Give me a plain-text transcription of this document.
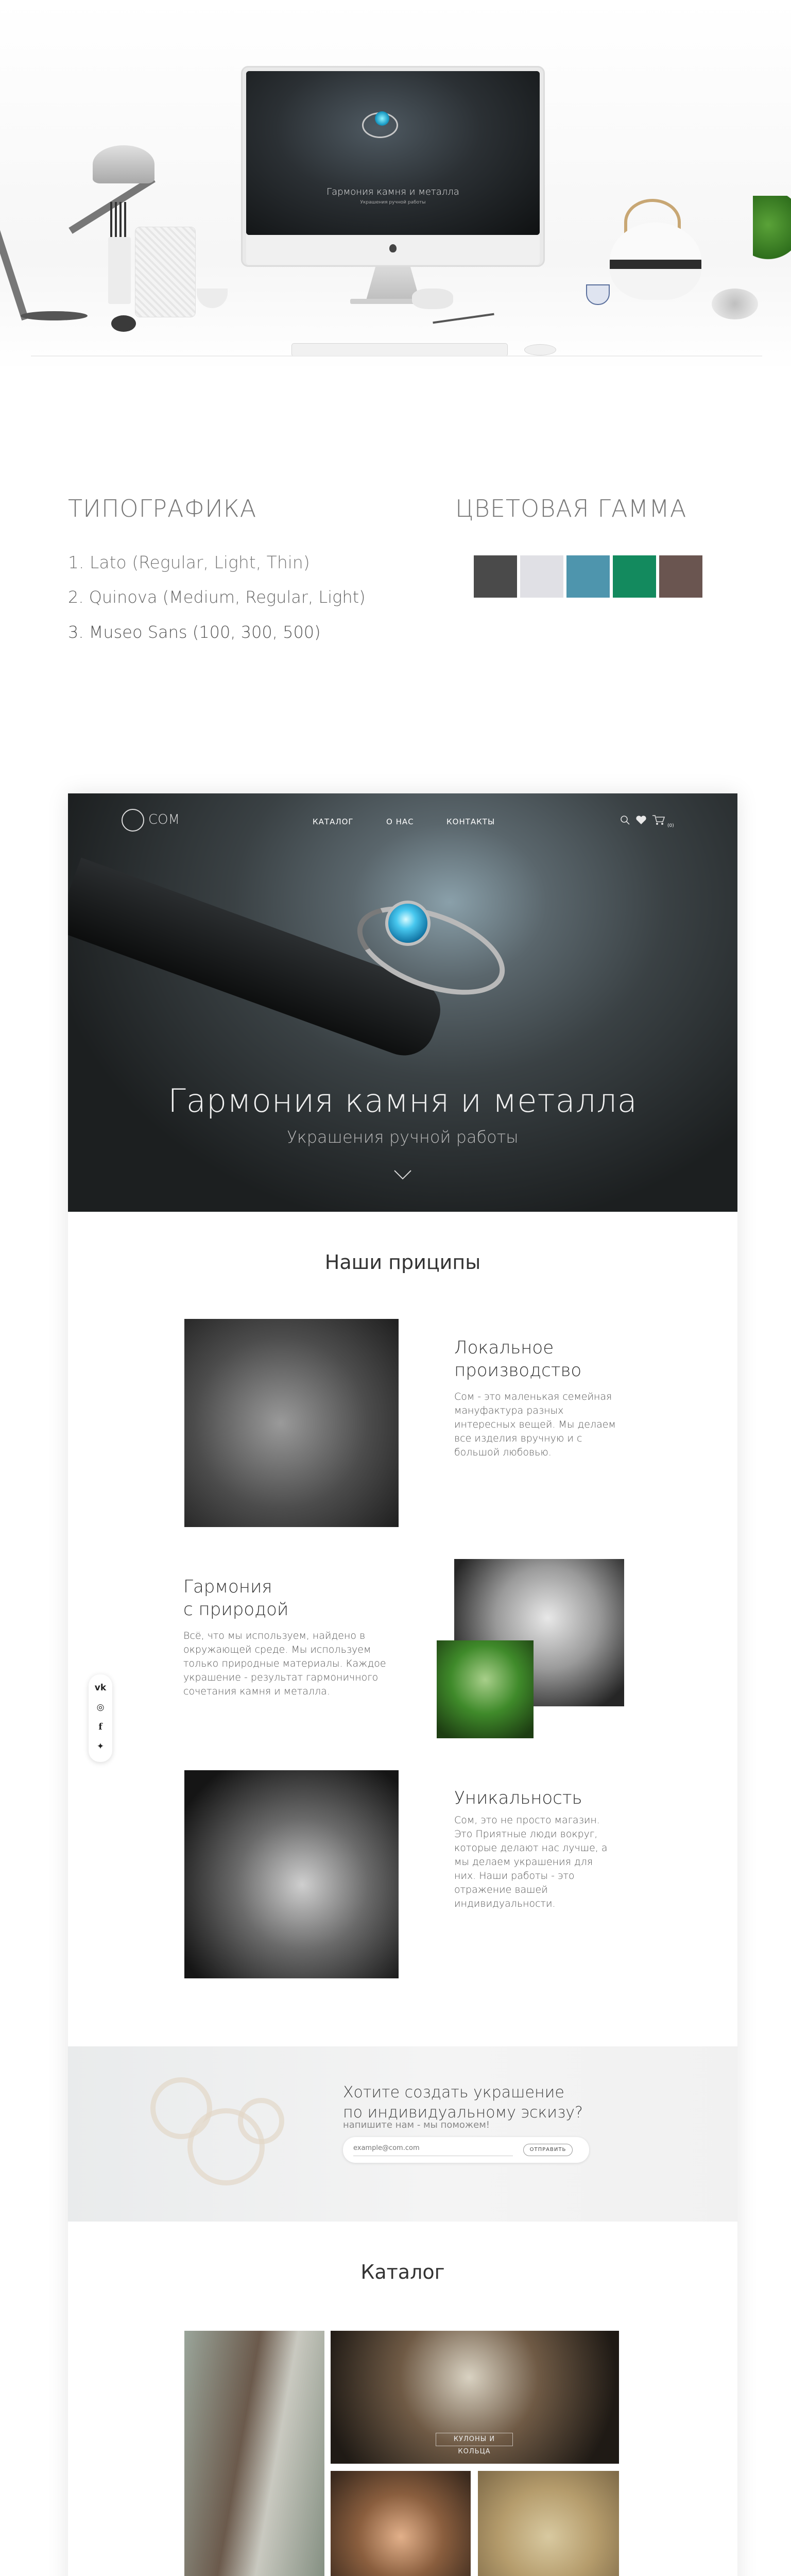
Гармония камня и металла
Украшения ручной работы
ТИПОГРАФИКА
1. Lato (Regular, Light, Thin)
2. Quinova (Medium, Regular, Light)
3. Museo Sans (100, 300, 500)
ЦВЕТОВАЯ ГАММА
Гармония камня и металла
Украшения ручной работы
COM	КАТАЛОГ	О НАС	КОНТАКТЫ	(0)
Наши приципы
Локальное
производство
Сом - это маленькая семейная мануфактура разных интересных вещей. Мы делаем все изделия вручную и с большой любовью.
Гармония
с природой
Всё, что мы используем, найдено в окружающей среде. Мы используем только природные материалы. Каждое украшение - результат гармоничного сочетания камня и металла.
Уникальность
Сом, это не просто магазин. Это Приятные люди вокруг, которые делают нас лучше, а мы делаем украшения для них. Наши работы - это отражение вашей индивидуальности.
vk
◎
f
✦
Хотите создать украшение
по индивидуальному эскизу?
напишите нам - мы поможем!
example@com.com
ОТПРАВИТЬ
Каталог
КУЛОНЫ И КОЛЬЦА
